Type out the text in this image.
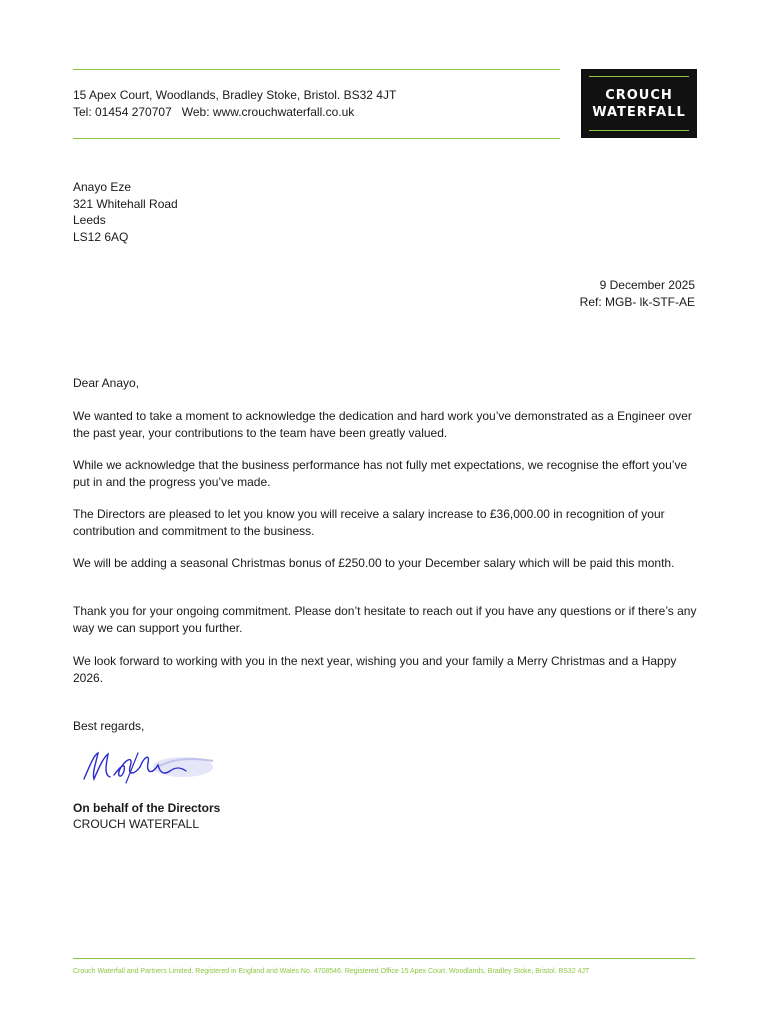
15 Apex Court, Woodlands, Bradley Stoke, Bristol. BS32 4JT
Tel: 01454 270707   Web: www.crouchwaterfall.co.uk
CROUCH
WATERFALL
Anayo Eze
321 Whitehall Road
Leeds
LS12 6AQ
9 December 2025
Ref: MGB- lk-STF-AE
Dear Anayo,
We wanted to take a moment to acknowledge the dedication and hard work you’ve demonstrated as a Engineer over the past year, your contributions to the team have been greatly valued.
While we acknowledge that the business performance has not fully met expectations, we recognise the effort you’ve put in and the progress you’ve made.
The Directors are pleased to let you know you will receive a salary increase to £36,000.00 in recognition of your contribution and commitment to the business.
We will be adding a seasonal Christmas bonus of £250.00 to your December salary which will be paid this month.
Thank you for your ongoing commitment. Please don’t hesitate to reach out if you have any questions or if there’s any way we can support you further.
We look forward to working with you in the next year, wishing you and your family a Merry Christmas and a Happy 2026.
Best regards,
On behalf of the Directors
CROUCH WATERFALL
Crouch Waterfall and Partners Limited. Registered in England and Wales No. 4708546. Registered Office 15 Apex Court, Woodlands, Bradley Stoke, Bristol. BS32 4JT
